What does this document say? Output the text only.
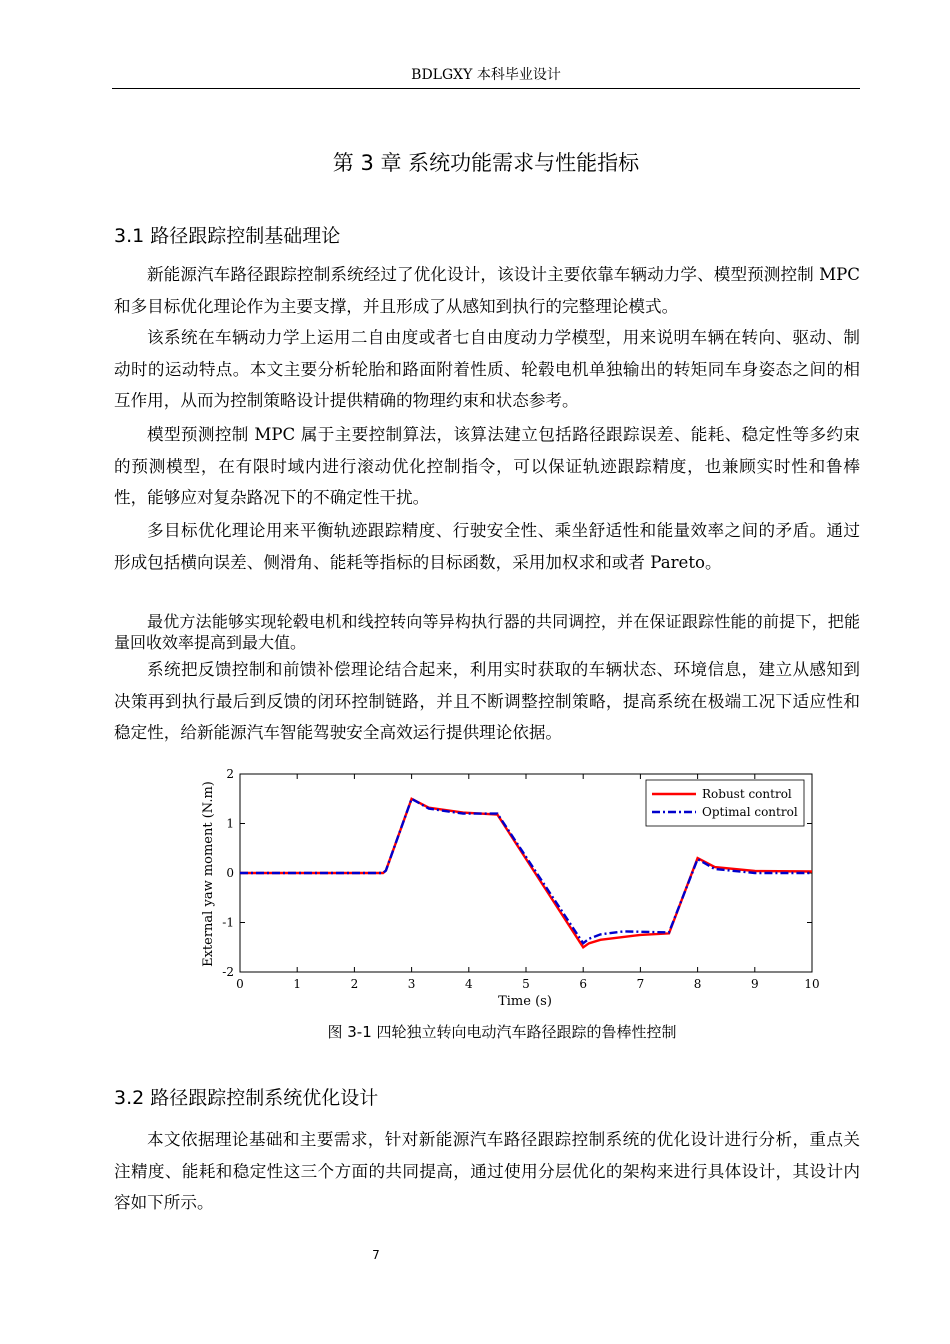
BDLGXY 本科毕业设计
第 3 章 系统功能需求与性能指标
3.1 路径跟踪控制基础理论
新能源汽车路径跟踪控制系统经过了优化设计，该设计主要依靠车辆动力学、模型预测控制 MPC 和多目标优化理论作为主要支撑，并且形成了从感知到执行的完整理论模式。
该系统在车辆动力学上运用二自由度或者七自由度动力学模型，用来说明车辆在转向、驱动、制动时的运动特点。本文主要分析轮胎和路面附着性质、轮毂电机单独输出的转矩同车身姿态之间的相互作用，从而为控制策略设计提供精确的物理约束和状态参考。
模型预测控制 MPC 属于主要控制算法，该算法建立包括路径跟踪误差、能耗、稳定性等多约束的预测模型，在有限时域内进行滚动优化控制指令，可以保证轨迹跟踪精度，也兼顾实时性和鲁棒性，能够应对复杂路况下的不确定性干扰。
多目标优化理论用来平衡轨迹跟踪精度、行驶安全性、乘坐舒适性和能量效率之间的矛盾。通过形成包括横向误差、侧滑角、能耗等指标的目标函数，采用加权求和或者 Pareto。
最优方法能够实现轮毂电机和线控转向等异构执行器的共同调控，并在保证跟踪性能的前提下，把能量回收效率提高到最大值。
系统把反馈控制和前馈补偿理论结合起来，利用实时获取的车辆状态、环境信息，建立从感知到决策再到执行最后到反馈的闭环控制链路，并且不断调整控制策略，提高系统在极端工况下适应性和稳定性，给新能源汽车智能驾驶安全高效运行提供理论依据。
External yaw moment (N.m)
Time (s)
0	1	2	3	4	5	6	7	8	9	10
-2
-1
0
1
2
Robust control
Optimal control
图 3-1 四轮独立转向电动汽车路径跟踪的鲁棒性控制
3.2 路径跟踪控制系统优化设计
本文依据理论基础和主要需求，针对新能源汽车路径跟踪控制系统的优化设计进行分析，重点关注精度、能耗和稳定性这三个方面的共同提高，通过使用分层优化的架构来进行具体设计，其设计内容如下所示。
7
